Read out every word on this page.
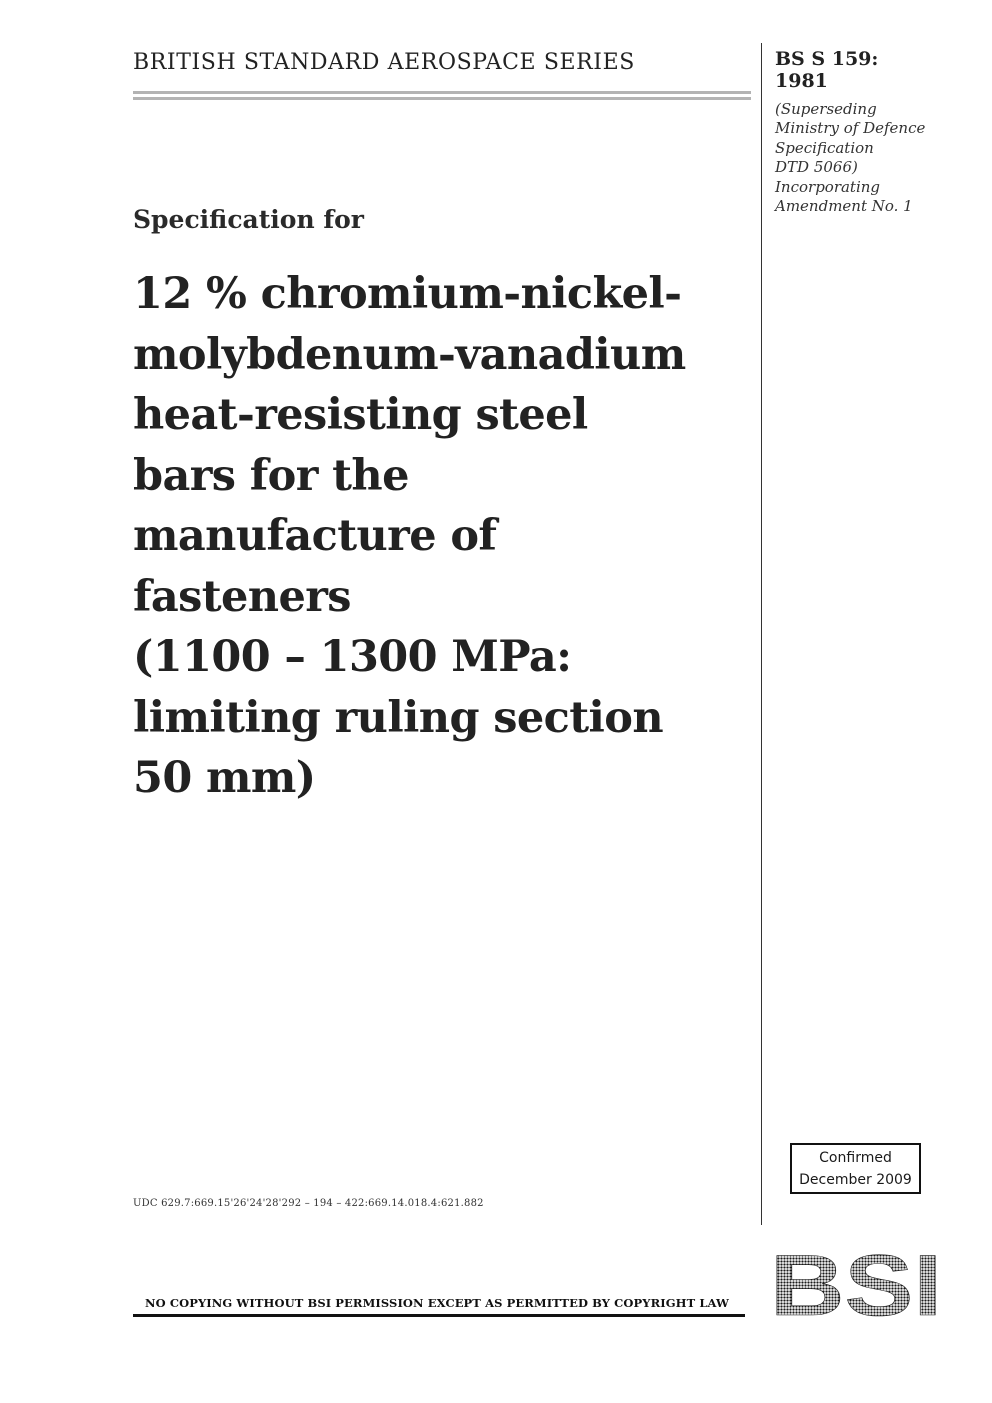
BRITISH STANDARD AEROSPACE SERIES	BS S 159:
1981
(Superseding
Ministry of Defence
Specification
DTD 5066)
Incorporating
Amendment No. 1
Specification for
12 % chromium-nickel-
molybdenum-vanadium
heat-resisting steel
bars for the
manufacture of
fasteners
(1100 – 1300 MPa:
limiting ruling section
50 mm)
Confirmed
December 2009
UDC 629.7:669.15'26'24'28'292 – 194 – 422:669.14.018.4:621.882
NO COPYING WITHOUT BSI PERMISSION EXCEPT AS PERMITTED BY COPYRIGHT LAW BSI
